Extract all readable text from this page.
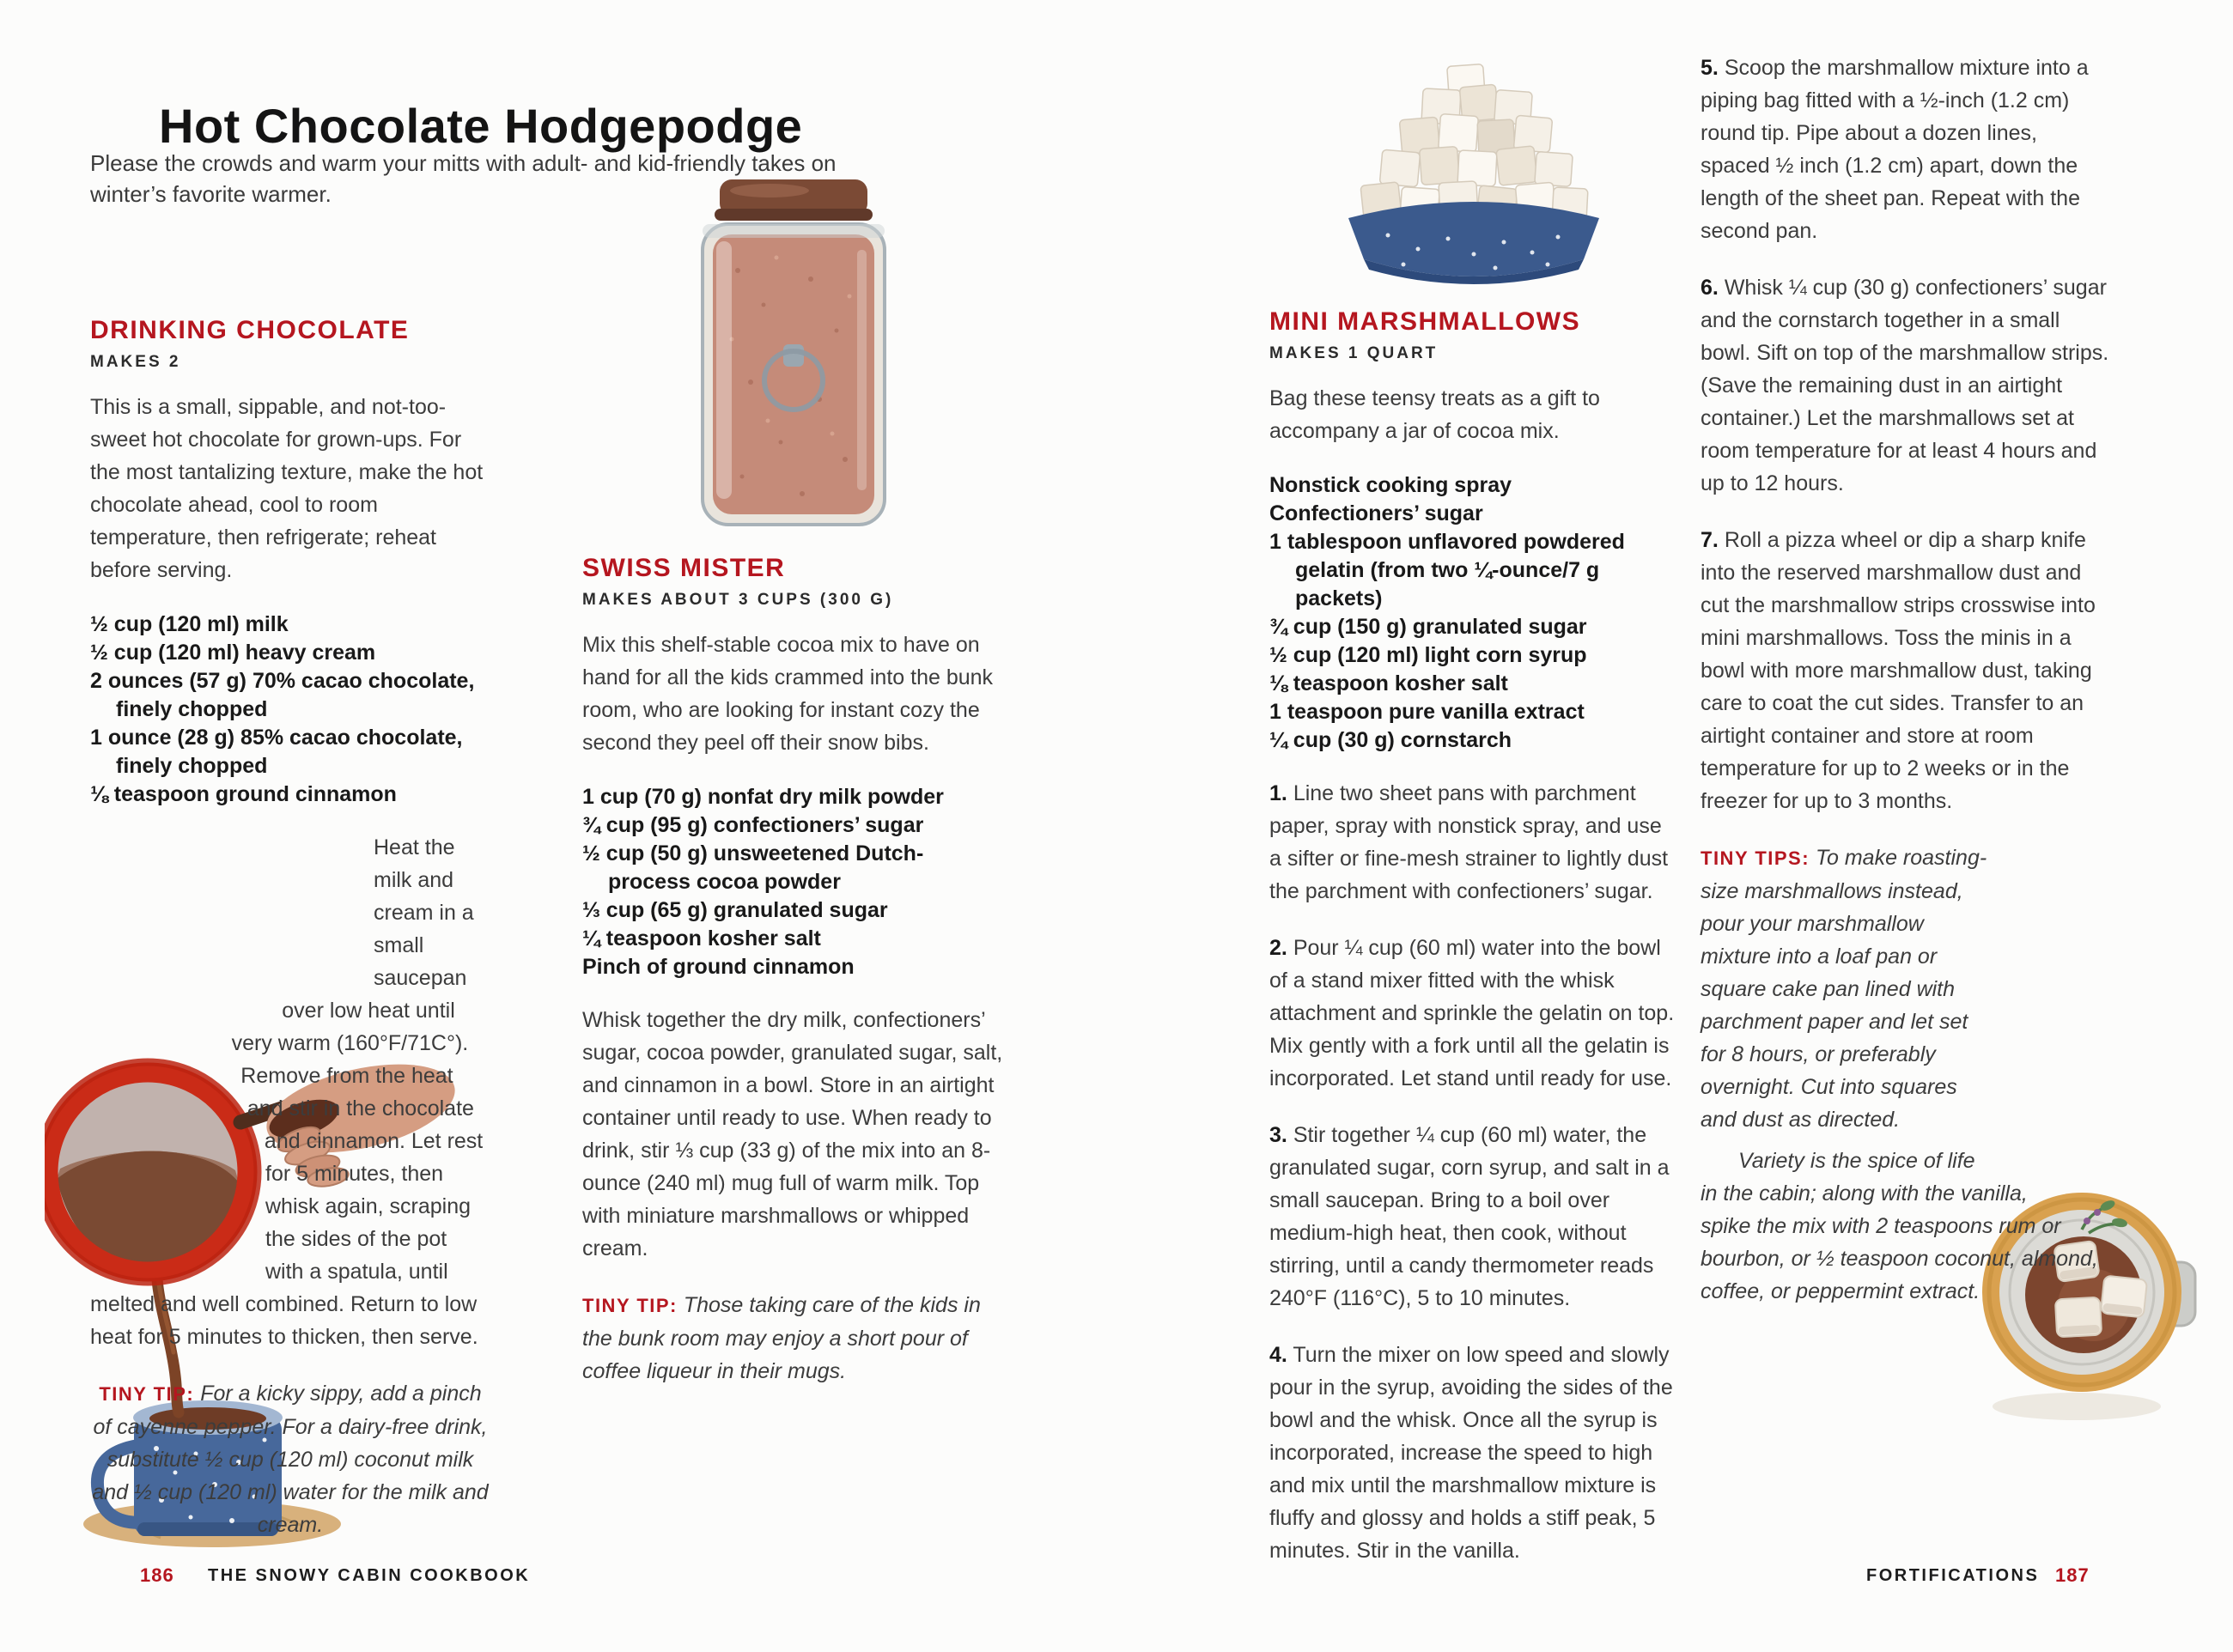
Hot Chocolate Hodgepodge

Please the crowds and warm your mitts with adult- and kid-friendly takes on winter’s favorite warmer.

DRINKING CHOCOLATE
MAKES 2

This is a small, sippable, and not-too-sweet hot chocolate for grown-ups. For the most tantalizing texture, make the hot chocolate ahead, cool to room temperature, then refrigerate; reheat before serving.

½ cup (120 ml) milk
½ cup (120 ml) heavy cream
2 ounces (57 g) 70% cacao chocolate, finely chopped
1 ounce (28 g) 85% cacao chocolate, finely chopped
⅛ teaspoon ground cinnamon

Heat the milk and cream in a small saucepan over low heat until very warm (160°F/71C°). Remove from the heat and stir in the chocolate and cinnamon. Let rest for 5 minutes, then whisk again, scraping the sides of the pot with a spatula, until melted and well combined. Return to low heat for 5 minutes to thicken, then serve.

TINY TIP: For a kicky sippy, add a pinch of cayenne pepper. For a dairy-free drink, substitute ½ cup (120 ml) coconut milk and ½ cup (120 ml) water for the milk and cream.

SWISS MISTER
MAKES ABOUT 3 CUPS (300 G)

Mix this shelf-stable cocoa mix to have on hand for all the kids crammed into the bunk room, who are looking for instant cozy the second they peel off their snow bibs.

1 cup (70 g) nonfat dry milk powder
¾ cup (95 g) confectioners’ sugar
½ cup (50 g) unsweetened Dutch-process cocoa powder
⅓ cup (65 g) granulated sugar
¼ teaspoon kosher salt
Pinch of ground cinnamon

Whisk together the dry milk, confectioners’ sugar, cocoa powder, granulated sugar, salt, and cinnamon in a bowl. Store in an airtight container until ready to use. When ready to drink, stir ⅓ cup (33 g) of the mix into an 8-ounce (240 ml) mug full of warm milk. Top with miniature marshmallows or whipped cream.

TINY TIP: Those taking care of the kids in the bunk room may enjoy a short pour of coffee liqueur in their mugs.

MINI MARSHMALLOWS
MAKES 1 QUART

Bag these teensy treats as a gift to accompany a jar of cocoa mix.

Nonstick cooking spray
Confectioners’ sugar
1 tablespoon unflavored powdered gelatin (from two ¼-ounce/7 g packets)
¾ cup (150 g) granulated sugar
½ cup (120 ml) light corn syrup
⅛ teaspoon kosher salt
1 teaspoon pure vanilla extract
¼ cup (30 g) cornstarch

1. Line two sheet pans with parchment paper, spray with nonstick spray, and use a sifter or fine-mesh strainer to lightly dust the parchment with confectioners’ sugar.

2. Pour ¼ cup (60 ml) water into the bowl of a stand mixer fitted with the whisk attachment and sprinkle the gelatin on top. Mix gently with a fork until all the gelatin is incorporated. Let stand until ready for use.

3. Stir together ¼ cup (60 ml) water, the granulated sugar, corn syrup, and salt in a small saucepan. Bring to a boil over medium-high heat, then cook, without stirring, until a candy thermometer reads 240°F (116°C), 5 to 10 minutes.

4. Turn the mixer on low speed and slowly pour in the syrup, avoiding the sides of the bowl and the whisk. Once all the syrup is incorporated, increase the speed to high and mix until the marshmallow mixture is fluffy and glossy and holds a stiff peak, 5 minutes. Stir in the vanilla.

5. Scoop the marshmallow mixture into a piping bag fitted with a ½-inch (1.2 cm) round tip. Pipe about a dozen lines, spaced ½ inch (1.2 cm) apart, down the length of the sheet pan. Repeat with the second pan.

6. Whisk ¼ cup (30 g) confectioners’ sugar and the cornstarch together in a small bowl. Sift on top of the marshmallow strips. (Save the remaining dust in an airtight container.) Let the marshmallows set at room temperature for at least 4 hours and up to 12 hours.

7. Roll a pizza wheel or dip a sharp knife into the reserved marshmallow dust and cut the marshmallow strips crosswise into mini marshmallows. Toss the minis in a bowl with more marshmallow dust, taking care to coat the cut sides. Transfer to an airtight container and store at room temperature for up to 2 weeks or in the freezer for up to 3 months.

TINY TIPS: To make roasting-size marshmallows instead, pour your marshmallow mixture into a loaf pan or square cake pan lined with parchment paper and let set for 8 hours, or preferably overnight. Cut into squares and dust as directed.

Variety is the spice of life in the cabin; along with the vanilla, spike the mix with 2 teaspoons rum or bourbon, or ½ teaspoon coconut, almond, coffee, or peppermint extract.

186 THE SNOWY CABIN COOKBOOK	FORTIFICATIONS 187
